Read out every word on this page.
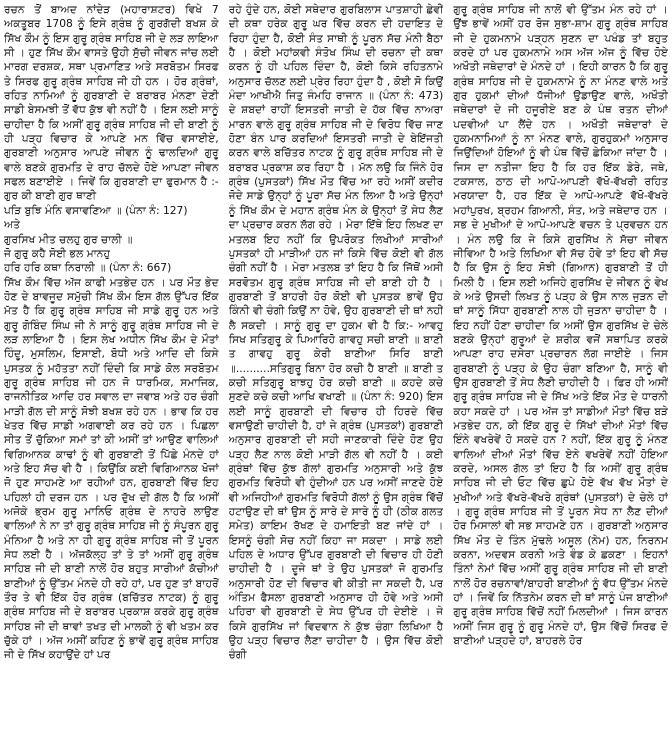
ਰਚਨ ਤੋਂ ਬਾਅਦ ਨਾਂਦੇੜ (ਮਹਾਰਾਸ਼ਟਰ) ਵਿਖੇ 7 ਅਕਤੂਬਰ 1708 ਨੂੰ ਇਸੇ ਗ੍ਰੰਥ ਨੂੰ ਗੁਰਗੱਦੀ ਬਖਸ਼ ਕੇ ਸਿੱਖ ਕੌਮ ਨੂੰ ਇਸ ਗੁਰੂ ਗ੍ਰੰਥ ਸਾਹਿਬ ਜੀ ਦੇ ਲੜ ਲਾਇਆ ਸੀ । ਹੁਣ ਸਿੱਖ ਕੌਮ ਵਾਸਤੇ ਉਹੀ ਸੁੱਚੀ ਜੀਵਨ ਜਾਂਚ ਲਈ ਮਾਰਗ ਦਰਸ਼ਕ, ਸਥਾ ਪ੍ਰਮਾਣਿਤ ਅਤੇ ਸਰਬੋਤਮ ਸਿਰਫ ਤੇ ਸਿਰਫ ਗੁਰੂ ਗ੍ਰੰਥ ਸਾਹਿਬ ਜੀ ਹੀ ਹਨ । ਹੋਰ ਗ੍ਰੰਥਾਂ, ਰਹਿਤ ਨਾਮਿਆਂ ਨੂੰ ਗੁਰਬਾਣੀ ਦੇ ਬਰਾਬਰ ਮੰਨਣਾ ਦੇਣੀ ਸਾਡੀ ਬੇਸਮਝੀ ਤੋਂ ਵੱਧ ਕੁੱਝ ਵੀ ਨਹੀਂ ਹੈ । ਇਸ ਲਈ ਸਾਨੂੰ ਚਾਹੀਦਾ ਹੈ ਕਿ ਅਸੀਂ ਗੁਰੂ ਗ੍ਰੰਥ ਸਾਹਿਬ ਜੀ ਦੀ ਬਾਣੀ ਨੂੰ ਹੀ ਪੜ੍ਹ ਵਿਚਾਰ ਕੇ ਆਪਣੇ ਮਨ ਵਿੱਚ ਵਸਾਈਏ, ਗੁਰਬਾਣੀ ਅਨੁਸਾਰ ਆਪਣੇ ਜੀਵਨ ਨੂੰ ਢਾਲਦਿਆਂ ਗੁਰੂ ਵਾਲੇ ਬਣਕੇ ਗੁਰਮਤਿ ਦੇ ਰਾਹ ਚੱਲਦੇ ਹੋਏ ਆਪਣਾ ਜੀਵਨ ਸਫਲ ਬਣਾਈਏ । ਜਿਵੇਂ ਕਿ ਗੁਰਬਾਣੀ ਦਾ ਫੁਰਮਾਨ ਹੈ :- ਗੁਰ ਕੀ ਬਾਣੀ ਗੁਰ ਥਾਣੀ

ਪੜਿ ਬੁਝਿ ਮੰਨਿ ਵਸਾਵਣਿਆ ॥ (ਪੰਨਾ ਨੰ: 127)

ਅਤੇ

ਗੁਰਸਿਖ ਮੀਤ ਚਲਹੁ ਗੁਰ ਚਾਲੀ ॥
ਜੋ ਗੁਰੁ ਕਹੈ ਸੋਈ ਭਲ ਮਾਨਹੁ
ਹਰਿ ਹਰਿ ਕਥਾ ਨਿਰਾਲੀ ॥ (ਪੰਨਾ ਨੰ: 667)

ਸਿੱਖ ਕੌਮ ਵਿੱਚ ਅੱਜ ਕਾਫੀ ਮਤਭੇਦ ਹਨ । ਪਰ ਮੌਤ ਭੇਦ ਹੋਣ ਦੇ ਬਾਵਜੂਦ ਸਮੁੱਚੀ ਸਿੱਖ ਕੌਮ ਇਸ ਗੱਲ ਉੱਪਰ ਇੱਕ ਮੱਤ ਹੈ ਕਿ ਗੁਰੂ ਗ੍ਰੰਥ ਸਾਹਿਬ ਜੀ ਸਾਡੇ ਗੁਰੂ ਹਨ ਅਤੇ ਗੁਰੂ ਗੋਬਿੰਦ ਸਿੰਘ ਜੀ ਨੇ ਸਾਨੂੰ ਗੁਰੂ ਗ੍ਰੰਥ ਸਾਹਿਬ ਜੀ ਦੇ ਲੜ ਲਾਇਆ ਹੈ । ਇਸ ਲੇਖ ਅਧੀਨ ਸਿੱਖ ਕੌਮ ਦੇ ਮੌਤਾਂ ਹਿੰਦੂ, ਮੁਸਲਿਮ, ਇਸਾਈ, ਬੋਧੀ ਅਤੇ ਆਦਿ ਦੀ ਕਿਸੇ ਪੁਸਤਕ ਨੂੰ ਮਹੱਤਤਾ ਨਹੀਂ ਦਿੰਦੀ ਕਿ ਸਾਡੇ ਕੋਲ ਸਰਬੋਤਮ ਗੁਰੂ ਗ੍ਰੰਥ ਸਾਹਿਬ ਜੀ ਹਨ ਜੋ ਧਾਰਮਿਕ, ਸਮਾਜਿਕ, ਰਾਜਨੀਤਿਕ ਆਦਿ ਹਰ ਸਵਾਲ ਦਾ ਜਵਾਬ ਅਤੇ ਹਰ ਚੰਗੀ ਮਾੜੀ ਗੱਲ ਦੀ ਸਾਨੂੰ ਸੋਝੀ ਬਖਸ਼ ਰਹੇ ਹਨ । ਭਾਵ ਕਿ ਹਰ ਖੇਤਰ ਵਿੱਚ ਸਾਡੀ ਅਗਵਾਈ ਕਰ ਰਹੇ ਹਨ । ਪਿਛਲਾ ਸੀਤ ਤੋਂ ਚੁੱਕਿਆ ਸਮਾਂ ਤਾਂ ਕੀ ਅਸੀਂ ਤਾਂ ਆਉਣ ਵਾਲਿਆਂ ਵਿਗਿਆਨਕ ਕਾਢਾਂ ਨੂੰ ਵੀ ਗੁਰਬਾਣੀ ਤੋਂ ਪਿੱਛੇ ਮੰਨਦੇ ਹਾਂ ਅਤੇ ਇਹ ਸੱਚ ਵੀ ਹੈ । ਕਿਉਂਕਿ ਕਈ ਵਿਗਿਆਨਕ ਖੋਜਾਂ ਜੋ ਹੁਣ ਸਾਹਮਣੇ ਆ ਰਹੀਆਂ ਹਨ, ਗੁਰਬਾਣੀ ਵਿੱਚ ਇਹ ਪਹਿਲਾਂ ਹੀ ਦਰਜ ਹਨ । ਪਰ ਦੁੱਖ ਦੀ ਗੱਲ ਹੈ ਕਿ ਅਸੀਂ ਅਜੋਕੇ ਭ੍ਰਮ ਗੁਰੂ ਮਾਨਿਓ ਗ੍ਰੰਥ ਦੇ ਨਾਹਰੇ ਲਾਉਣ ਵਾਲਿਆਂ ਨੇ ਨਾ ਤਾਂ ਗੁਰੂ ਗ੍ਰੰਥ ਸਾਹਿਬ ਜੀ ਨੂੰ ਸੰਪੂਰਨ ਗੁਰੂ ਮੰਨਿਆ ਹੈ ਅਤੇ ਨਾ ਹੀ ਗੁਰੂ ਗ੍ਰੰਥ ਸਾਹਿਬ ਜੀ ਤੋਂ ਪੂਰਨ ਸੇਧ ਲਈ ਹੈ । ਅੱਜਕੱਲ੍ਹ ਤਾਂ ਤੇ ਤਾਂ ਅਸੀਂ ਗੁਰੂ ਗ੍ਰੰਥ ਸਾਹਿਬ ਜੀ ਦੀ ਬਾਣੀ ਨਾਲੋਂ ਹੋਰ ਬਹੁਤ ਸਾਰੀਆਂ ਕੱਚੀਆਂ ਬਾਣੀਆਂ ਨੂੰ ਉੱਤਮ ਮੰਨਦੇ ਹੀ ਰਹੇ ਹਾਂ, ਪਰ ਹੁਣ ਤਾਂ ਬਾਹਰੋਂ ਤੌਰ ਤੇ ਵੀ ਇੱਕ ਹੋਰ ਗ੍ਰੰਥ (ਬਚਿੱਤਰ ਨਾਟਕ) ਨੂੰ ਗੁਰੂ ਗ੍ਰੰਥ ਸਾਹਿਬ ਜੀ ਦੇ ਬਰਾਬਰ ਪ੍ਰਕਾਸ਼ ਕਰਕੇ ਗੁਰੂ ਗ੍ਰੰਥ ਸਾਹਿਬ ਜੀ ਦੀ ਥਾਵਾਂ ਤਖਤ ਦੀ ਮਾਲਕੀ ਨੂੰ ਵੀ ਖਤਮ ਕਰ ਚੁੱਕੇ ਹਾਂ । ਅੱਜ ਅਸੀਂ ਕਹਿਣ ਨੂੰ ਭਾਵੇਂ ਗੁਰੂ ਗ੍ਰੰਥ ਸਾਹਿਬ ਜੀ ਦੇ ਸਿੱਖ ਕਹਾਉਂਦੇ ਹਾਂ ਪਰ

ਰਹੇ ਹੁੰਦੇ ਹਨ, ਕੋਈ ਸਥੇਦਾਰ ਗੁਰਬਿਲਾਸ ਪਾਤਸ਼ਾਹੀ ਛੇਵੀਂ ਦੀ ਕਥਾ ਹਰੇਕ ਗੁਰੂ ਘਰ ਵਿੱਚ ਕਰਨ ਦੀ ਹਦਾਇਤ ਦੇ ਰਿਹਾ ਹੁੰਦਾ ਹੈ, ਕੋਈ ਸੰਤ ਸਾਥੀ ਨੂੰ ਪੂਰਨ ਸੱਚ ਮੰਨੀ ਬੈਠਾ ਹੈ । ਕੋਈ ਮਹਾਂਕਵੀ ਸੰਤੋਖ ਸਿੰਘ ਦੀ ਰਚਨਾ ਦੀ ਕਥਾ ਕਰਨ ਨੂੰ ਹੀ ਪਹਿਲ ਦਿੰਦਾ ਹੈ, ਕੋਈ ਕਿਸੇ ਰਹਿਤਨਾਮੇ ਅਨੁਸਾਰ ਚੱਲਣ ਲਈ ਪ੍ਰੇਰ ਰਿਹਾ ਹੁੰਦਾ ਹੈ , ਕੋਈ ਸੋ ਕਿਉਂ ਮੰਦਾ ਆਖੀਐ ਜਿਤੁ ਜੰਮਹਿ ਰਾਜਾਨ ॥ (ਪੰਨਾ ਨੰ: 473) ਦੇ ਸ਼ਬਦਾਂ ਰਾਹੀਂ ਇਸਤਰੀ ਜਾਤੀ ਦੇ ਹੱਕ ਵਿੱਚ ਨਾਅਰਾ ਮਾਰਨ ਵਾਲੇ ਗੁਰੂ ਗ੍ਰੰਥ ਸਾਹਿਬ ਜੀ ਦੇ ਵਿਰੋਧ ਵਿੱਚ ਜਾਣ ਹੋਣਾ ਬੰਨ ਪਾਰ ਕਰਦਿਆਂ ਇਸਤਰੀ ਜਾਤੀ ਦੇ ਬੇਇੱਜਤੀ ਕਰਨ ਵਾਲੇ ਬਚਿੱਤਰ ਨਾਟਕ ਨੂੰ ਗੁਰੂ ਗ੍ਰੰਥ ਸਾਹਿਬ ਜੀ ਦੇ ਬਰਾਬਰ ਪ੍ਰਕਾਸ਼ ਕਰ ਰਿਹਾ ਹੈ । ਮੱਨ ਲਉ ਕਿ ਜਿੰਨੇ ਹੋਰ ਗ੍ਰੰਥ (ਪੁਸਤਕਾਂ) ਸਿੱਖ ਮੌਤ ਵਿੱਚ ਆ ਰਹੇ ਅਸੀਂ ਕਦੀਰ ਜੋਦੇ ਸਾਡੇ ਉਨ੍ਹਾਂ ਨੂੰ ਪੂਰਾ ਸੱਚ ਮੰਨ ਲਿਆ ਹੈ ਅਤੇ ਉਨ੍ਹਾਂ ਨੂੰ ਸਿੱਖ ਕੌਮ ਦੇ ਮਹਾਨ ਗ੍ਰੰਥ ਮੰਨ ਕੇ ਉਨ੍ਹਾਂ ਤੋਂ ਸੇਧ ਲੈਣ ਦਾ ਪ੍ਰਚਾਰ ਕਰਨ ਲੱਗ ਰਹੇ । ਮੇਰਾ ਇੱਥੇ ਇਹ ਲਿਖਣ ਦਾ ਮਤਲਬ ਇਹ ਨਹੀਂ ਕਿ ਉਪਰੋਕਤ ਲਿਖੀਆਂ ਸਾਰੀਆਂ ਪੁਸਤਕਾਂ ਹੀ ਮਾੜੀਆਂ ਹਨ ਜਾਂ ਕਿਸੇ ਵਿੱਚ ਕੋਈ ਵੀ ਗੱਲ ਚੰਗੀ ਨਹੀਂ ਹੈ । ਮੇਰਾ ਮਤਲਬ ਤਾਂ ਇਹ ਹੈ ਕਿ ਜਿੱਥੋਂ ਅਸੀਂ ਸਰਵੋਤਮ ਗੁਰੂ ਗ੍ਰੰਥ ਸਾਹਿਬ ਜੀ ਦੀ ਬਾਣੀ ਹੀ ਹੈ । ਗੁਰਬਾਣੀ ਤੋਂ ਬਾਹਰੀ ਹੋਰ ਕੋਈ ਵੀ ਪੁਸਤਕ ਭਾਵੇਂ ਉਹ ਕਿੰਨੀ ਵੀ ਚੰਗੀ ਕਿਉਂ ਨਾ ਹੋਵੇ, ਉਹ ਗੁਰਬਾਣੀ ਦੀ ਥਾਂ ਨਹੀਂ ਲੈ ਸਕਦੀ । ਸਾਨੂੰ ਗੁਰੂ ਦਾ ਹੁਕਮ ਵੀ ਹੈ ਕਿ:- ਆਵਹੁ ਸਿਖ ਸਤਿਗੁਰੂ ਕੇ ਪਿਆਰਿਹੋ ਗਾਵਹੁ ਸਚੀ ਬਾਣੀ ॥ ਬਾਣੀ ਤ ਗਾਵਹੁ ਗੁਰੂ ਕੇਰੀ ਬਾਣੀਆ ਸਿਰਿ ਬਾਣੀ ॥..........ਸਤਿਗੁਰੂ ਬਿਨਾ ਹੋਰ ਕਚੀ ਹੈ ਬਾਣੀ ॥ ਬਾਣੀ ਤ ਕਚੀ ਸਤਿਗੁਰੂ ਬਾਝਹੁ ਹੋਰ ਕਚੀ ਬਾਣੀ ॥ ਕਹਦੇ ਕਚੇ ਸੁਣਦੇ ਕਚੇ ਕਚੀ ਆਖਿ ਵਖਾਣੀ ॥ (ਪੰਨਾ ਨੰ: 920) ਇਸ ਲਈ ਸਾਨੂੰ ਗੁਰਬਾਣੀ ਦੀ ਵਿਚਾਰ ਹੀ ਹਿਰਦੇ ਵਿੱਚ ਵਸਾਉਣੀ ਚਾਹੀਦੀ ਹੈ, ਹਾਂ ਜੇ ਗ੍ਰੰਥ (ਪੁਸਤਕਾਂ) ਗੁਰਬਾਣੀ ਅਨੁਸਾਰ ਗੁਰਬਾਣੀ ਦੀ ਸਹੀ ਜਾਣਕਾਰੀ ਦਿੰਦੇ ਹੋਣ ਉਹ ਪੜ੍ਹ ਲੈਣ ਨਾਲ ਕੋਈ ਮਾੜੀ ਗੱਲ ਵੀ ਨਹੀਂ ਹੈ । ਕਈ ਗ੍ਰੰਥਾਂ ਵਿੱਚ ਕੁੱਝ ਗੱਲਾਂ ਗੁਰਮਤਿ ਅਨੁਸਾਰੀ ਅਤੇ ਕੁੱਝ ਗੁਰਮਤਿ ਵਿਰੋਧੀ ਵੀ ਹੁੰਦੀਆਂ ਹਨ ਪਰ ਅਸੀਂ ਜਾਣਦੇ ਹੋਏ ਵੀ ਅਜਿਹੀਆਂ ਗੁਰਮਤਿ ਵਿਰੋਧੀ ਗੱਲਾਂ ਨੂੰ ਉਸ ਗ੍ਰੰਥ ਵਿੱਚੋਂ ਹਟਾਉਣ ਦੀ ਥਾਂ ਉਸ ਨੂੰ ਸਾਰੇ ਦੇ ਸਾਰੇ ਨੂੰ ਹੀ (ਠੀਕ ਗਲਤ ਸਮੇਤ) ਕਾਇਮ ਰੱਖਣ ਦੇ ਹਮਾਇਤੀ ਬਣ ਜਾਂਦੇ ਹਾਂ । ਇਸਨੂੰ ਚੰਗੀ ਸੋਚ ਨਹੀਂ ਕਿਹਾ ਜਾ ਸਕਦਾ । ਸਾਡੇ ਲਈ ਪਹਿਲ ਦੇ ਅਧਾਰ ਉੱਪਰ ਗੁਰਬਾਣੀ ਦੀ ਵਿਚਾਰ ਹੀ ਹੋਣੀ ਚਾਹੀਦੀ ਹੈ । ਦੂਜੇ ਥਾਂ ਤੇ ਉਹ ਪੁਸਤਕਾਂ ਜੋ ਗੁਰਮਤਿ ਅਨੁਸਾਰੀ ਹੋਣ ਦੀ ਵਿਚਾਰ ਵੀ ਕੀਤੀ ਜਾ ਸਕਦੀ ਹੈ, ਪਰ ਅੰਤਿਮ ਫੈਸਲਾ ਗੁਰਬਾਣੀ ਅਨੁਸਾਰ ਹੀ ਹੋਵੇ ਅਤੇ ਅਸੀਂ ਪਹਿਰਾ ਵੀ ਗੁਰਬਾਣੀ ਦੇ ਸੇਧ ਉੱਪਰ ਹੀ ਦੇਈਏ । ਜੇ ਕਿਸੇ ਗੁਰਸਿੱਖ ਜਾਂ ਵਿਦਵਾਨ ਨੇ ਕੁੱਝ ਚੰਗਾ ਲਿਖਿਆ ਹੈ ਉਹ ਪੜ੍ਹ ਵਿਚਾਰ ਲੈਣਾ ਚਾਹੀਦਾ ਹੈ । ਉਸ ਵਿੱਚ ਕੋਈ ਚੰਗੀ

ਗੁਰੂ ਗ੍ਰੰਥ ਸਾਹਿਬ ਜੀ ਨਾਲੋਂ ਵੀ ਉੱਤਮ ਮੰਨ ਰਹੇ ਹਾਂ । ਉਂਝ ਭਾਵੇਂ ਅਸੀਂ ਹਰ ਰੋਜ ਸੁਭਾ-ਸ਼ਾਮ ਗੁਰੂ ਗ੍ਰੰਥ ਸਾਹਿਬ ਜੀ ਦੇ ਹੁਕਮਨਾਮੇ ਪੜ੍ਹਨ ਸੁਣਨ ਦਾ ਪਖੰਡ ਤਾਂ ਬਹੁਤ ਕਰਦੇ ਹਾਂ ਪਰ ਹੁਕਮਨਾਮੇ ਅਸ ਅੱਜ ਅੱਜ ਨੂੰ ਵਿੱਚ ਹੋਏ ਅਖੌਤੀ ਜਥੇਦਾਰਾਂ ਦੇ ਮੰਨਦੇ ਹਾਂ । ਇਹੀ ਕਾਰਨ ਹੈ ਕਿ ਗੁਰੂ ਗ੍ਰੰਥ ਸਾਹਿਬ ਜੀ ਦੇ ਹੁਕਮਨਾਮੇ ਨੂੰ ਨਾ ਮੰਨਣ ਵਾਲੇ ਅਤੇ ਗੁਰ ਹੁਕਮਾਂ ਦੀਆਂ ਧੱਜੀਆਂ ਉਡਾਉਣ ਵਾਲੇ, ਅਖੌਤੀ ਜਥੇਦਾਰਾਂ ਦੇ ਜੀ ਹਜੂਰੀਏ ਬਣ ਕੇ ਪੰਥ ਰਤਨ ਦੀਆਂ ਪਦਵੀਆਂ ਪਾ ਲੈਂਦੇ ਹਨ । ਅਖੌਤੀ ਜਥੇਦਾਰਾਂ ਦੇ ਹੁਕਮਨਾਮਿਆਂ ਨੂੰ ਨਾ ਮੰਨਣ ਵਾਲੇ, ਗੁਰਹੁਕਮਾਂ ਅਨੁਸਾਰ ਜਿਉਂਦਿਆਂ ਹੋਇਆਂ ਨੂੰ ਵੀ ਪੰਥ ਵਿੱਚੋਂ ਛੇਕਿਆ ਜਾਂਦਾ ਹੈ । ਜਿਸ ਦਾ ਨਤੀਜਾ ਇਹ ਹੈ ਕਿ ਹਰ ਇੱਕ ਡੇਰੇ, ਜਥੇ, ਟਕਸਾਲ, ਠਾਠ ਦੀ ਆਪੋ-ਆਪਣੀ ਵੱਖੋ-ਵੱਖਰੀ ਰਹਿਤ ਮਰਯਾਦਾ ਹੈ, ਹਰ ਇੱਕ ਦੇ ਆਪੋ-ਆਪਣੇ ਵੱਖੋ-ਵੱਖਰੇ ਮਹਾਂਪੁਰਖ, ਬ੍ਰਹਮ ਗਿਆਨੀ, ਸੰਤ, ਅਤੇ ਜਥੇਦਾਰ ਹਨ । ਸਭ ਦੇ ਮੁਖੀਆਂ ਦੇ ਆਪੋ-ਆਪਣੇ ਵਚਨ ਤੇ ਪ੍ਰਵਚਨ ਹਨ । ਮੰਨ ਲਉ ਕਿ ਜੇ ਕਿਸੇ ਗੁਰਸਿੱਖ ਨੇ ਸੱਚਾ ਜੀਵਨ ਜੀਵਿਆ ਹੈ ਅਤੇ ਲਿਖਿਆ ਵੀ ਸੱਚ ਹੋਵੇ ਤਾਂ ਇਹ ਵੀ ਸੱਚ ਹੈ ਕਿ ਉਸ ਨੂੰ ਇਹ ਸੋਝੀ (ਗਿਆਨ) ਗੁਰਬਾਣੀ ਤੋਂ ਹੀ ਮਿਲੀ ਹੈ । ਇਸ ਲਈ ਅਜਿਹੇ ਗੁਰਸਿੱਖ ਦੇ ਜੀਵਨ ਨੂੰ ਵੇਖ ਕੇ ਅਤੇ ਉਸਦੀ ਲਿਖਤ ਨੂੰ ਪੜ੍ਹ ਕੇ ਉਸ ਨਾਲ ਜੁੜਨ ਦੀ ਥਾਂ ਸਾਨੂੰ ਸਿੱਧਾ ਗੁਰਬਾਣੀ ਨਾਲ ਹੀ ਜੁੜਨਾ ਚਾਹੀਦਾ ਹੈ । ਇਹ ਨਹੀਂ ਹੋਣਾ ਚਾਹੀਦਾ ਕਿ ਅਸੀਂ ਉਸ ਗੁਰਸਿੱਖ ਦੇ ਚੇਲੇ ਬਣਕੇ ਉਨ੍ਹਾਂ ਗੁਰੂਆਂ ਦੇ ਸ਼ਰੀਕ ਵਜੋਂ ਸਥਾਪਿਤ ਕਰਕੇ ਆਪਣਾ ਰਾਹ ਦਸੇਰਾ ਪ੍ਰਚਾਰਨ ਲੱਗ ਜਾਈਏ । ਜਿਸ ਗੁਰਬਾਣੀ ਨੂੰ ਪੜ੍ਹ ਕੇ ਉਹ ਚੰਗਾ ਬਣਿਆ ਹੈ, ਸਾਨੂੰ ਵੀ ਉਸ ਗੁਰਬਾਣੀ ਤੋਂ ਸੇਧ ਲੈਣੀ ਚਾਹੀਦੀ ਹੈ । ਫਿਰ ਹੀ ਅਸੀਂ ਗੁਰੂ ਗ੍ਰੰਥ ਸਾਹਿਬ ਜੀ ਦੇ ਸਿੱਖ ਅਤੇ ਇੱਕ ਮੌਤ ਦੇ ਧਾਰਨੀ ਕਹਾ ਸਕਦੇ ਹਾਂ । ਪਰ ਅੱਜ ਤਾਂ ਸਾਡੀਆਂ ਮੌਤਾਂ ਵਿੱਚ ਬੜੇ ਮਤਭੇਦ ਹਨ, ਕੀ ਇੱਕ ਗੁਰੂ ਦੇ ਸਿੱਖਾਂ ਦੀਆਂ ਮੌਤਾਂ ਵਿੱਚ ਇੰਨੇ ਵਖਰੇਵੇਂ ਹੋ ਸਕਦੇ ਹਨ ? ਨਹੀਂ, ਇੱਕ ਗੁਰੂ ਨੂੰ ਮੰਨਣ ਵਾਲਿਆਂ ਦੀਆਂ ਮੌਤਾਂ ਵਿੱਚ ਏਨੇ ਵਖਰੇਵੇਂ ਨਹੀਂ ਹੋਇਆ ਕਰਦੇ, ਅਸਲ ਗੱਲ ਤਾਂ ਇਹ ਹੈ ਕਿ ਅਸੀਂ ਗੁਰੂ ਗ੍ਰੰਥ ਸਾਹਿਬ ਜੀ ਦੀ ਓਟ ਵਿੱਚ ਛੁਪੇ ਹੋਏ ਵੱਖ ਵੱਖ ਮੌਤਾਂ ਦੇ ਮੁਖੀਆਂ ਅਤੇ ਵੱਖਰੇ-ਵੱਖਰੇ ਗ੍ਰੰਥਾਂ (ਪੁਸਤਕਾਂ) ਦੇ ਚੇਲੇ ਹਾਂ । ਗੁਰੂ ਗ੍ਰੰਥ ਸਾਹਿਬ ਜੀ ਤੋਂ ਪੂਰਨ ਸੇਧ ਨਾ ਲੈਣ ਦੀਆਂ ਹੋਰ ਮਿਸਾਲਾਂ ਵੀ ਸਭ ਸਾਹਮਣੇ ਹਨ । ਗੁਰਬਾਣੀ ਅਨੁਸਾਰ ਸਿੱਖ ਮੌਤ ਦੇ ਤਿੰਨ ਮੁੱਢਲੇ ਅਸੂਲ (ਨੇਮ) ਹਨ, ਨਿਰਨਮ ਕਰਨਾ, ਅਦਵਸ ਕਰਨੀ ਅਤੇ ਵੰਡ ਕੇ ਛਕਣਾ । ਇਹਨਾਂ ਤਿੰਨਾਂ ਨੇਮਾਂ ਵਿੱਚ ਅਸੀਂ ਗੁਰੂ ਗ੍ਰੰਥ ਸਾਹਿਬ ਜੀ ਦੀ ਬਾਣੀ ਨਾਲੋਂ ਹੋਰ ਰਚਨਾਵਾਂ/ਬਾਹਰੀ ਬਾਣੀਆਂ ਨੂੰ ਵੱਧ ਉੱਤਮ ਮੰਨਦੇ ਹਾਂ । ਜਿਵੇਂ ਕਿ ਨਿੱਤਨੇਮ ਕਰਨ ਦੀ ਥਾਂ ਸਾਨੂੰ ਪੰਜ ਬਾਣੀਆਂ ਗੁਰੂ ਗ੍ਰੰਥ ਸਾਹਿਬ ਵਿੱਚੋਂ ਨਹੀਂ ਮਿਲਦੀਆਂ । ਜਿਸ ਕਾਰਨ ਅਸੀਂ ਜਿਸ ਗੁਰੂ ਨੂੰ ਗੁਰੂ ਮੰਨਦੇ ਹਾਂ, ਉਸ ਵਿੱਚੋਂ ਸਿਰਫ ਦੋ ਬਾਣੀਆਂ ਪੜ੍ਹਦੇ ਹਾਂ, ਬਾਹਰਲੇ ਹੋਰ
